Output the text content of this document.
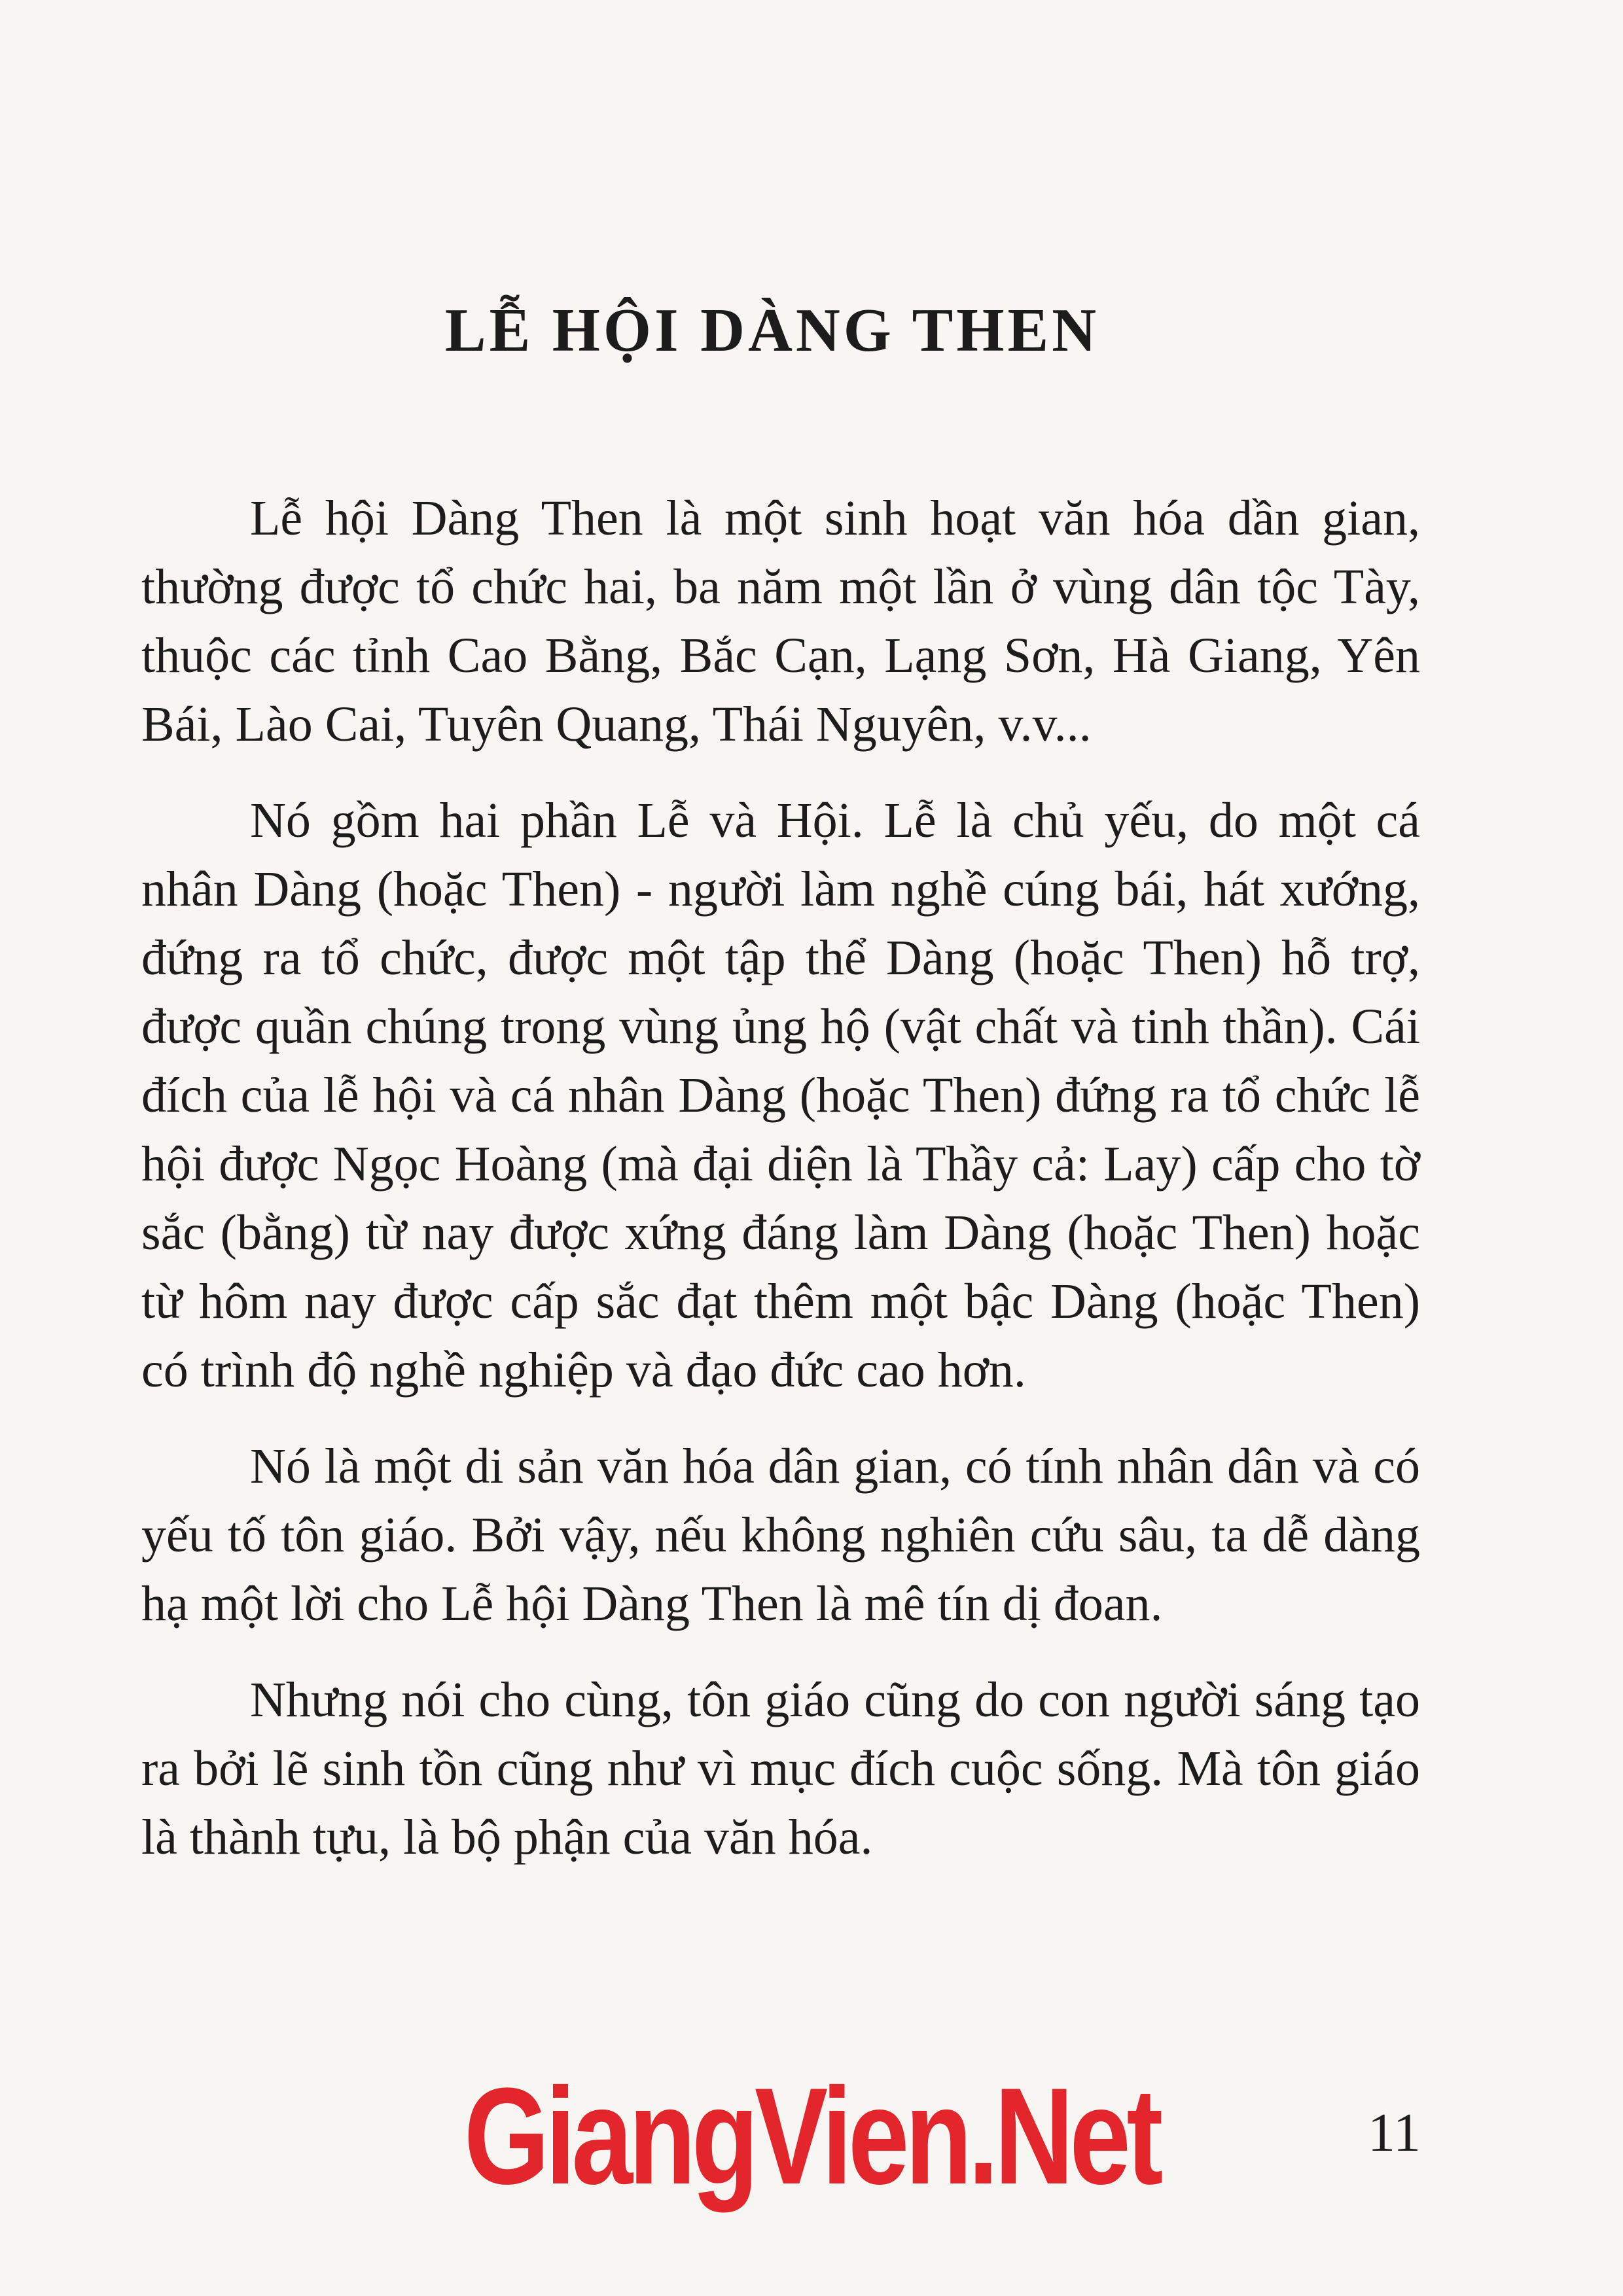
LỄ HỘI DÀNG THEN

Lễ hội Dàng Then là một sinh hoạt văn hóa dần gian, thường được tổ chức hai, ba năm một lần ở vùng dân tộc Tày, thuộc các tỉnh Cao Bằng, Bắc Cạn, Lạng Sơn, Hà Giang, Yên Bái, Lào Cai, Tuyên Quang, Thái Nguyên, v.v...

Nó gồm hai phần Lễ và Hội. Lễ là chủ yếu, do một cá nhân Dàng (hoặc Then) - người làm nghề cúng bái, hát xướng, đứng ra tổ chức, được một tập thể Dàng (hoặc Then) hỗ trợ, được quần chúng trong vùng ủng hộ (vật chất và tinh thần). Cái đích của lễ hội và cá nhân Dàng (hoặc Then) đứng ra tổ chức lễ hội được Ngọc Hoàng (mà đại diện là Thầy cả: Lay) cấp cho tờ sắc (bằng) từ nay được xứng đáng làm Dàng (hoặc Then) hoặc từ hôm nay được cấp sắc đạt thêm một bậc Dàng (hoặc Then) có trình độ nghề nghiệp và đạo đức cao hơn.

Nó là một di sản văn hóa dân gian, có tính nhân dân và có yếu tố tôn giáo. Bởi vậy, nếu không nghiên cứu sâu, ta dễ dàng hạ một lời cho Lễ hội Dàng Then là mê tín dị đoan.

Nhưng nói cho cùng, tôn giáo cũng do con người sáng tạo ra bởi lẽ sinh tồn cũng như vì mục đích cuộc sống. Mà tôn giáo là thành tựu, là bộ phận của văn hóa.

GiangVien.Net	11
